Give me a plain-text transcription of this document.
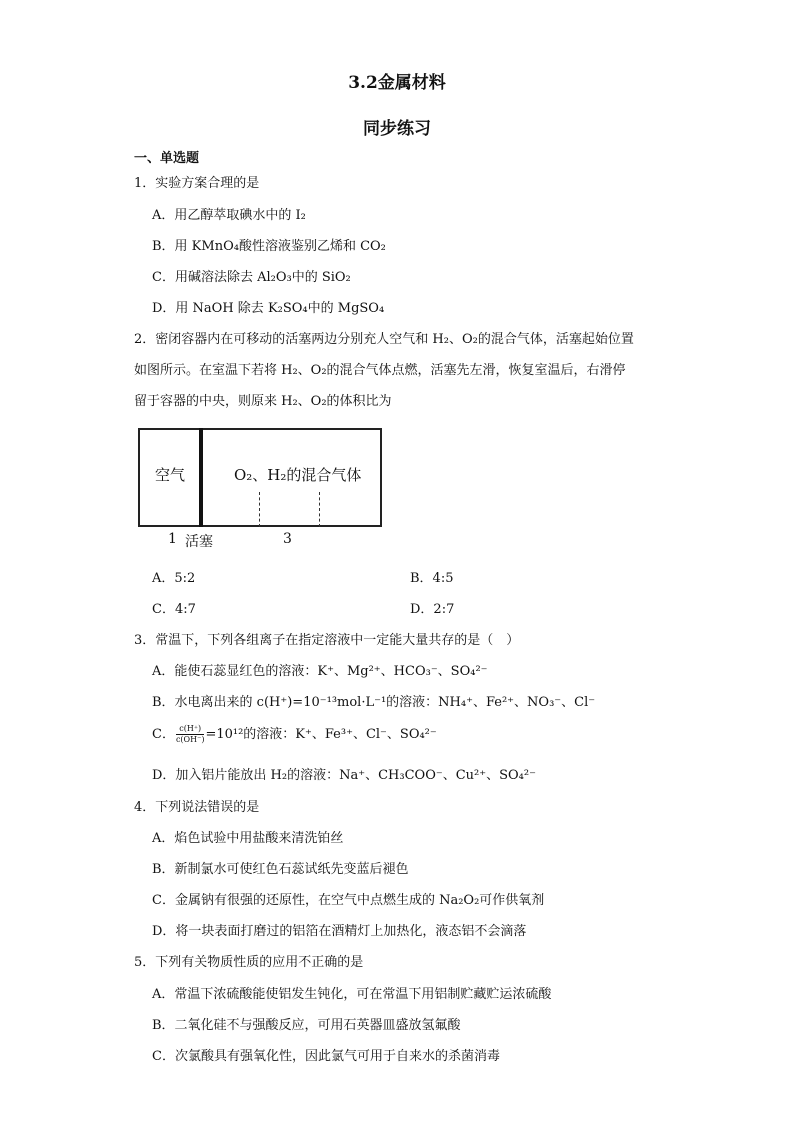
3.2金属材料
同步练习
一、单选题
1．实验方案合理的是
A．用乙醇萃取碘水中的 I₂
B．用 KMnO₄酸性溶液鉴别乙烯和 CO₂
C．用碱溶法除去 Al₂O₃中的 SiO₂
D．用 NaOH 除去 K₂SO₄中的 MgSO₄
2．密闭容器内在可移动的活塞两边分别充人空气和 H₂、O₂的混合气体，活塞起始位置
如图所示。在室温下若将 H₂、O₂的混合气体点燃，活塞先左滑，恢复室温后，右滑停
留于容器的中央，则原来 H₂、O₂的体积比为
空气	O₂、H₂的混合气体
1 活塞	3
A．5:2	B．4:5
C．4:7	D．2:7
3．常温下，下列各组离子在指定溶液中一定能大量共存的是（　）
A．能使石蕊显红色的溶液：K⁺、Mg²⁺、HCO₃⁻、SO₄²⁻
B．水电离出来的 c(H⁺)=10⁻¹³mol·L⁻¹的溶液：NH₄⁺、Fe²⁺、NO₃⁻、Cl⁻
C． $\frac{c(H^+)}{c(OH^-)} =10^{12}$的溶液：K⁺、Fe³⁺、Cl⁻、SO₄²⁻
D．加入铝片能放出 H₂的溶液：Na⁺、CH₃COO⁻、Cu²⁺、SO₄²⁻
4．下列说法错误的是
A．焰色试验中用盐酸来清洗铂丝
B．新制氯水可使红色石蕊试纸先变蓝后褪色
C．金属钠有很强的还原性，在空气中点燃生成的 Na₂O₂可作供氧剂
D．将一块表面打磨过的铝箔在酒精灯上加热化，液态铝不会滴落
5．下列有关物质性质的应用不正确的是
A．常温下浓硫酸能使铝发生钝化，可在常温下用铝制贮藏贮运浓硫酸
B．二氧化硅不与强酸反应，可用石英器皿盛放氢氟酸
C．次氯酸具有强氧化性，因此氯气可用于自来水的杀菌消毒
